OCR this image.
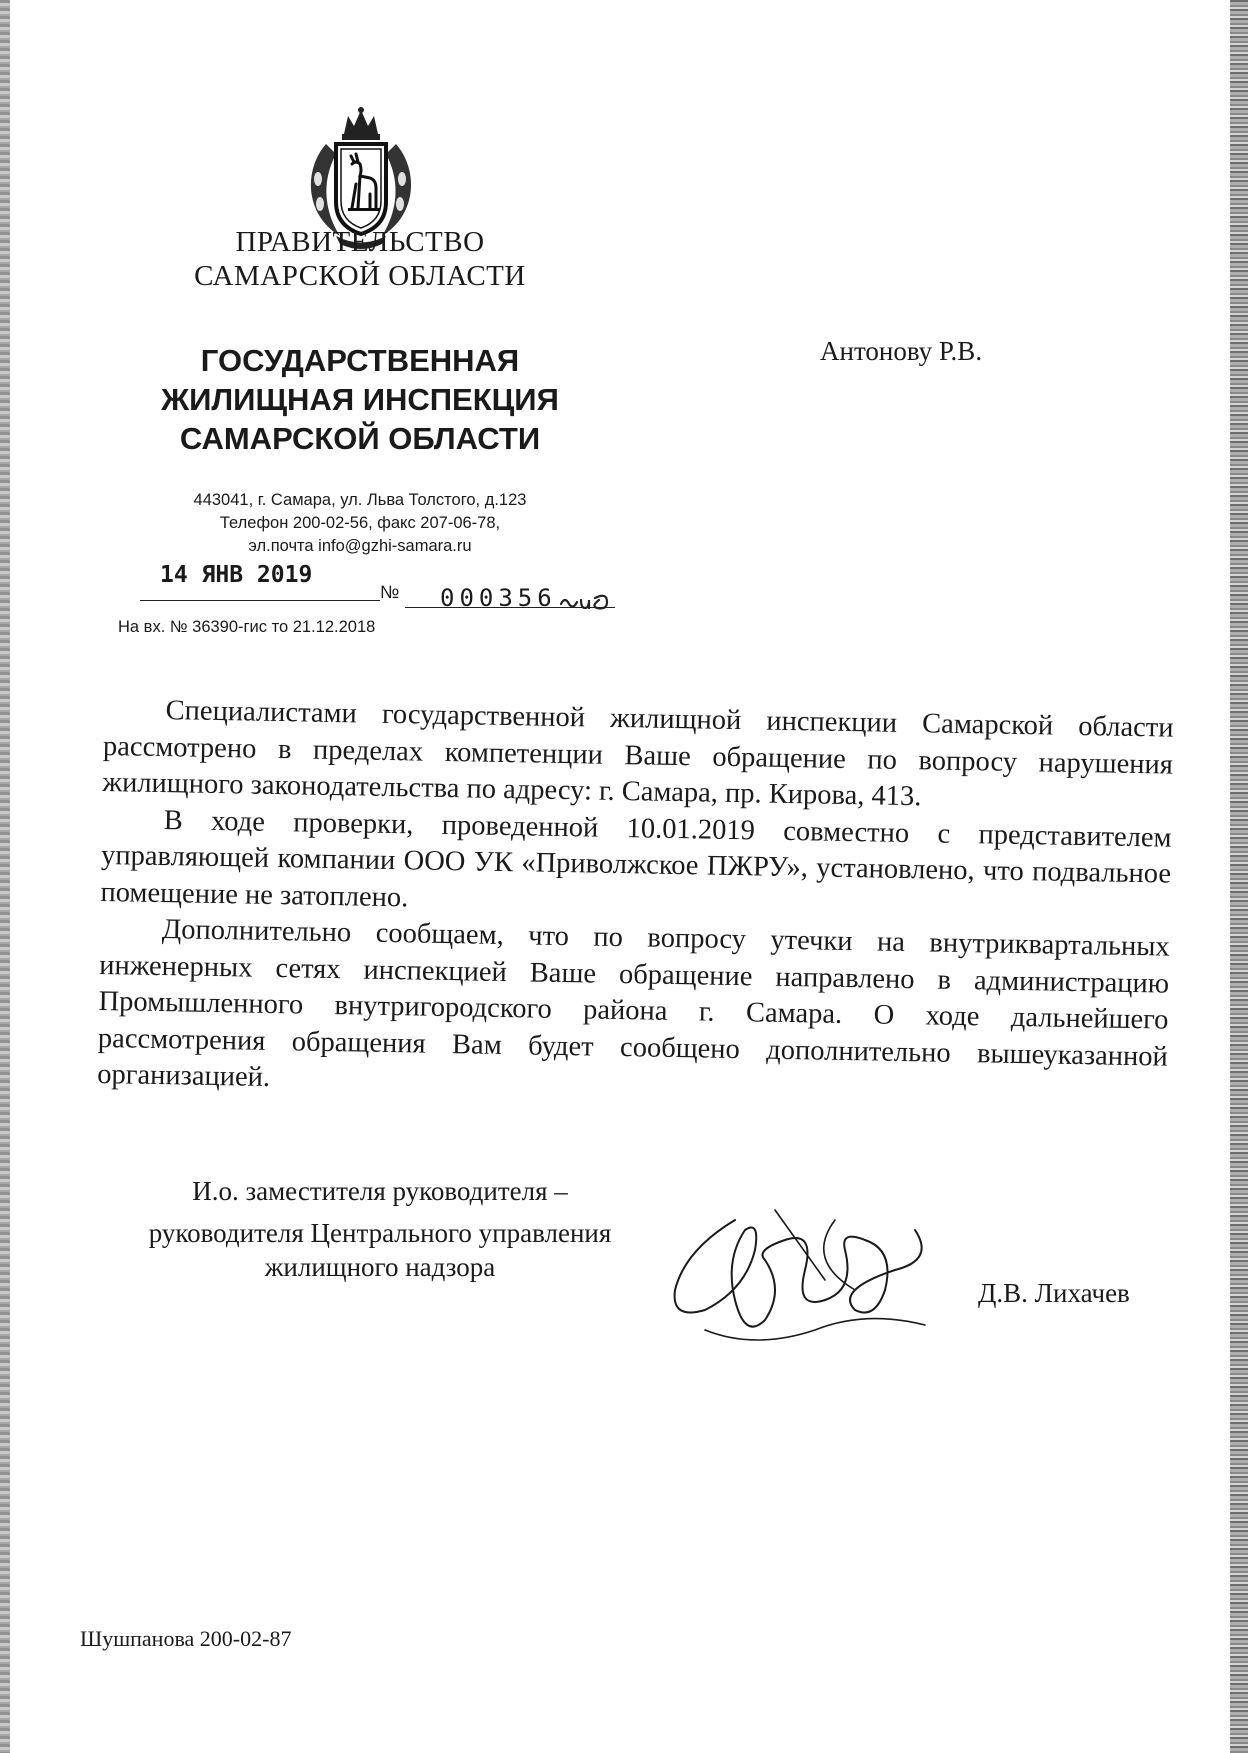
ПРАВИТЕЛЬСТВО
САМАРСКОЙ ОБЛАСТИ
ГОСУДАРСТВЕННАЯ
ЖИЛИЩНАЯ ИНСПЕКЦИЯ
САМАРСКОЙ ОБЛАСТИ
443041, г. Самара, ул. Льва Толстого, д.123
Телефон 200-02-56, факс 207-06-78,
эл.почта info@gzhi-samara.ru
Антонову Р.В.
14 ЯНВ 2019
№ 000356
На вх. № 36390-гис то 21.12.2018

Специалистами государственной жилищной инспекции Самарской области рассмотрено в пределах компетенции Ваше обращение по вопросу нарушения жилищного законодательства по адресу: г. Самара, пр. Кирова, 413.

В ходе проверки, проведенной 10.01.2019 совместно с представителем управляющей компании ООО УК «Приволжское ПЖРУ», установлено, что подвальное помещение не затоплено.

Дополнительно сообщаем, что по вопросу утечки на внутриквартальных инженерных сетях инспекцией Ваше обращение направлено в администрацию Промышленного внутригородского района г. Самара. О ходе дальнейшего рассмотрения обращения Вам будет сообщено дополнительно вышеуказанной организацией.

И.о. заместителя руководителя –
руководителя Центрального управления
жилищного надзора
Д.В. Лихачев
Шушпанова 200-02-87
